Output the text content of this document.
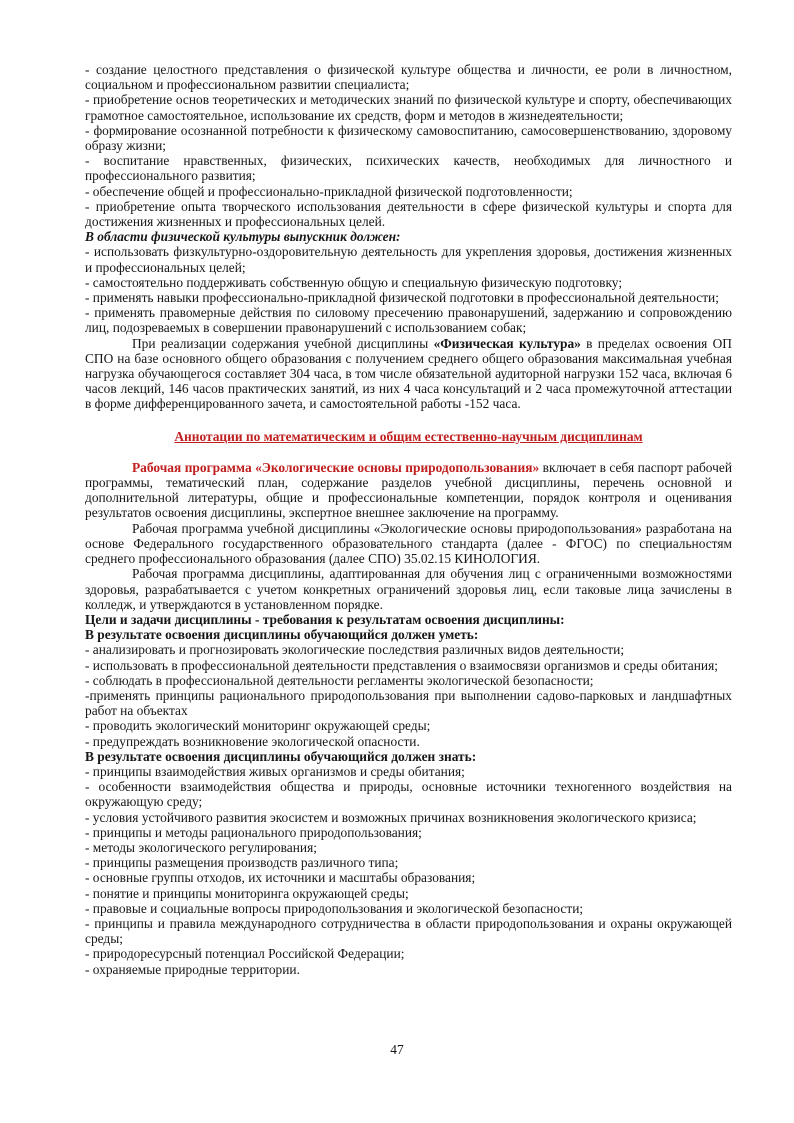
- создание целостного представления о физической культуре общества и личности, ее роли в личностном, социальном и профессиональном развитии специалиста;

- приобретение основ теоретических и методических знаний по физической культуре и спорту, обеспечивающих грамотное самостоятельное, использование их средств, форм и методов в жизнедеятельности;

- формирование осознанной потребности к физическому самовоспитанию, самосовершенствованию, здоровому образу жизни;

- воспитание нравственных, физических, психических качеств, необходимых для личностного и профессионального развития;

- обеспечение общей и профессионально-прикладной физической подготовленности;

- приобретение опыта творческого использования деятельности в сфере физической культуры и спорта для достижения жизненных и профессиональных целей.

В области физической культуры выпускник должен:

- использовать физкультурно-оздоровительную деятельность для укрепления здоровья, достижения жизненных и профессиональных целей;

- самостоятельно поддерживать собственную общую и специальную физическую подготовку;

- применять навыки профессионально-прикладной физической подготовки в профессиональной деятельности;

- применять правомерные действия по силовому пресечению правонарушений, задержанию и сопровождению лиц, подозреваемых в совершении правонарушений с использованием собак;

При реализации содержания учебной дисциплины «Физическая культура» в пределах освоения ОП СПО на базе основного общего образования с получением среднего общего образования максимальная учебная нагрузка обучающегося составляет 304 часа, в том числе обязательной аудиторной нагрузки 152 часа, включая 6 часов лекций, 146 часов практических занятий, из них 4 часа консультаций и 2 часа промежуточной аттестации в форме дифференцированного зачета, и самостоятельной работы -152 часа.

Аннотации по математическим и общим естественно-научным дисциплинам

Рабочая программа «Экологические основы природопользования» включает в себя паспорт рабочей программы, тематический план, содержание разделов учебной дисциплины, перечень основной и дополнительной литературы, общие и профессиональные компетенции, порядок контроля и оценивания результатов освоения дисциплины, экспертное внешнее заключение на программу.

Рабочая программа учебной дисциплины «Экологические основы природопользования» разработана на основе Федерального государственного образовательного стандарта (далее - ФГОС) по специальностям среднего профессионального образования (далее СПО) 35.02.15 КИНОЛОГИЯ.

Рабочая программа дисциплины, адаптированная для обучения лиц с ограниченными возможностями здоровья, разрабатывается с учетом конкретных ограничений здоровья лиц, если таковые лица зачислены в колледж, и утверждаются в установленном порядке.

Цели и задачи дисциплины - требования к результатам освоения дисциплины:

В результате освоения дисциплины обучающийся должен уметь:

- анализировать и прогнозировать экологические последствия различных видов деятельности;

- использовать в профессиональной деятельности представления о взаимосвязи организмов и среды обитания;

- соблюдать в профессиональной деятельности регламенты экологической безопасности;

-применять принципы рационального природопользования при выполнении садово-парковых и ландшафтных работ на объектах

- проводить экологический мониторинг окружающей среды;

- предупреждать возникновение экологической опасности.

В результате освоения дисциплины обучающийся должен знать:

- принципы взаимодействия живых организмов и среды обитания;

- особенности взаимодействия общества и природы, основные источники техногенного воздействия на окружающую среду;

- условия устойчивого развития экосистем и возможных причинах возникновения экологического кризиса;

- принципы и методы рационального природопользования;

- методы экологического регулирования;

- принципы размещения производств различного типа;

- основные группы отходов, их источники и масштабы образования;

- понятие и принципы мониторинга окружающей среды;

- правовые и социальные вопросы природопользования и экологической безопасности;

- принципы и правила международного сотрудничества в области природопользования и охраны окружающей среды;

- природоресурсный потенциал Российской Федерации;

- охраняемые природные территории.

47
